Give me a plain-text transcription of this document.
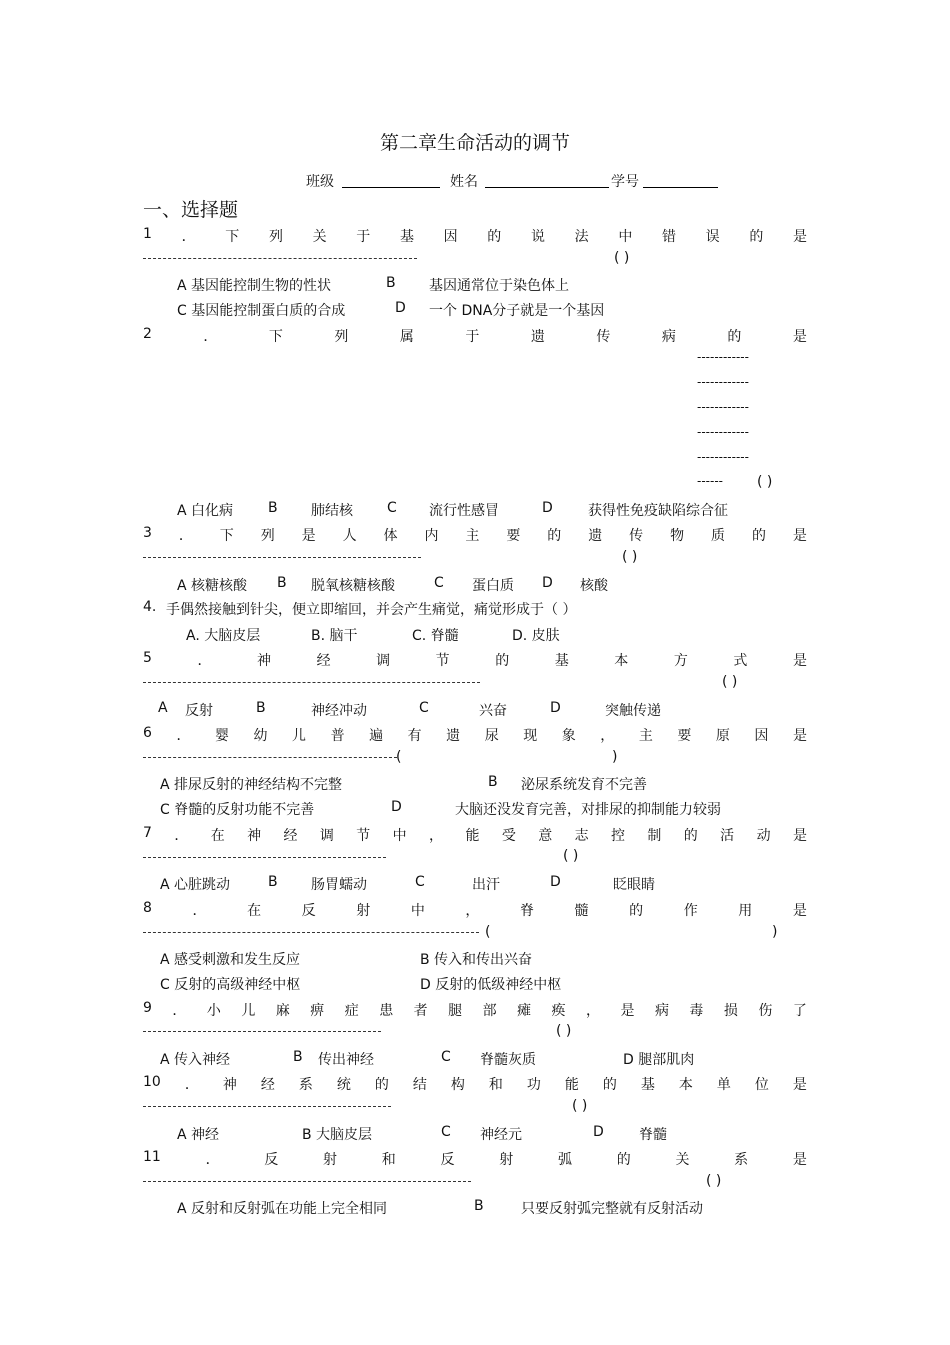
第二章生命活动的调节
班级	姓名	学号
一、选择题
1 ． 下 列 关 于 基 因 的 说 法 中 错 误 的 是
( )
A 基因能控制生物的性状	B 基因通常位于染色体上
C 基因能控制蛋白质的合成	D 一个 DNA分子就是一个基因
2	．	下	列	属	于	遗	传	病	的	是
------------
------------
------------
------------
------------
------ ( )
A 白化病 B 肺结核 C 流行性感冒	D	获得性免疫缺陷综合征
3 ． 下 列 是 人 体 内 主 要 的 遗 传 物 质 的 是
( )
A 核糖核酸 B 脱氧核糖核酸	C 蛋白质 D 核酸
4. 手偶然接触到针尖，便立即缩回，并会产生痛觉，痛觉形成于（ ）
A. 大脑皮层	B. 脑干	C. 脊髓	D. 皮肤
5	．	神	经	调	节	的	基	本	方	式	是
( )
A 反射	B	神经冲动	C	兴奋	D	突触传递
6 ． 婴 幼 儿 普 遍 有 遗 尿 现 象 ， 主 要 原 因 是
(	)
A 排尿反射的神经结构不完整	B 泌尿系统发育不完善
C 脊髓的反射功能不完善	D	大脑还没发育完善，对排尿的抑制能力较弱
7 ． 在 神 经 调 节 中 ， 能 受 意 志 控 制 的 活 动 是
( )
A 心脏跳动	B 肠胃蠕动	C	出汗	D	眨眼睛
8	．	在	反	射	中	，	脊	髓	的	作	用	是
(	)
A 感受刺激和发生反应	B 传入和传出兴奋
C 反射的高级神经中枢	D 反射的低级神经中枢
9 ． 小 儿 麻 痹 症 患 者 腿 部 瘫 痪 ， 是 病 毒 损 伤 了
( )
A 传入神经	B 传出神经	C 脊髓灰质	D 腿部肌肉
10 ． 神 经 系 统 的 结 构 和 功 能 的 基 本 单 位 是
( )
A 神经	B 大脑皮层	C 神经元	D	脊髓
11	．	反	射	和	反	射	弧	的	关	系	是
( )
A 反射和反射弧在功能上完全相同	B	只要反射弧完整就有反射活动
